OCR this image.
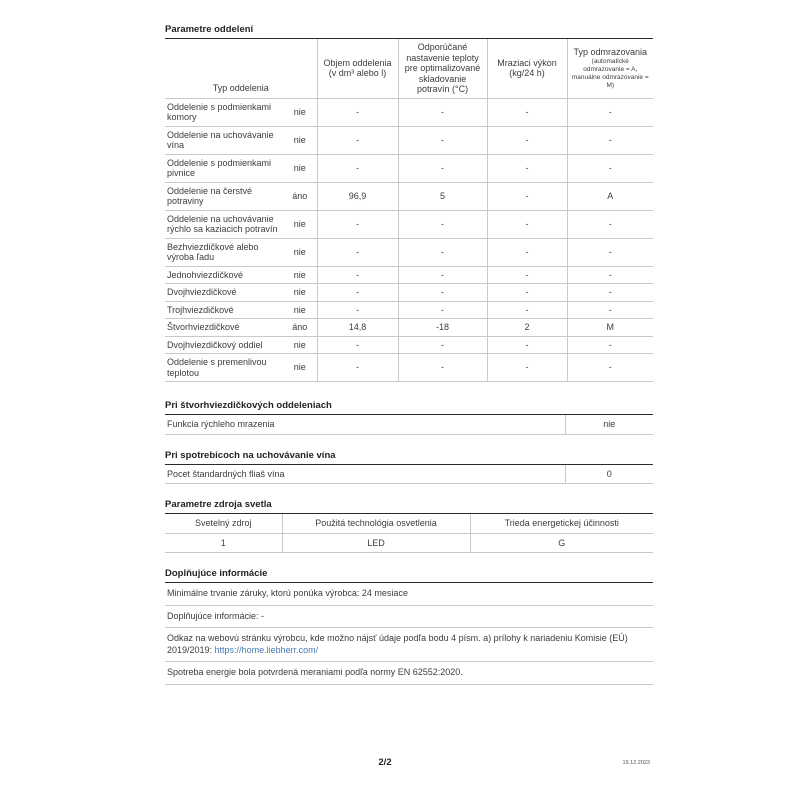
Parametre oddelení
Typ oddelenia		Objem oddelenia (v dm³ alebo l)	Odporúčané nastavenie teploty pre optimalizované skladovanie potravín (°C)	Mraziaci výkon (kg/24 h)	Typ odmrazovania
(automatické odmrazovanie = A, manuálne odmrazovanie = M)

Oddelenie s podmienkami komory	nie	-	-	-	-
Oddelenie na uchovávanie vína	nie	-	-	-	-
Oddelenie s podmienkami pivnice	nie	-	-	-	-
Oddelenie na čerstvé potraviny	áno	96,9	5	-	A
Oddelenie na uchovávanie rýchlo sa kaziacich potravín	nie	-	-	-	-
Bezhviezdičkové alebo výroba ľadu	nie	-	-	-	-
Jednohviezdičkové	nie	-	-	-	-
Dvojhviezdičkové	nie	-	-	-	-
Trojhviezdičkové	nie	-	-	-	-
Štvorhviezdičkové	áno	14,8	-18	2	M
Dvojhviezdičkový oddiel	nie	-	-	-	-
Oddelenie s premenlivou teplotou	nie	-	-	-	-
Pri štvorhviezdičkových oddeleniach
Funkcia rýchleho mrazenia	nie
Pri spotrebicoch na uchovávanie vína
Pocet štandardných fliaš vína	0
Parametre zdroja svetla
Svetelný zdroj	Použitá technológia osvetlenia	Trieda energetickej účinnosti
1	LED	G
Doplňujúce informácie
Minimálne trvanie záruky, ktorú ponúka výrobca: 24 mesiace
Doplňujúce informácie: -
Odkaz na webovú stránku výrobcu, kde možno nájsť údaje podľa bodu 4 písm. a) prílohy k nariadeniu Komisie (EÚ) 2019/2019: https://home.liebherr.com/
Spotreba energie bola potvrdená meraniami podľa normy EN 62552:2020.
2/2	19.12.2023
